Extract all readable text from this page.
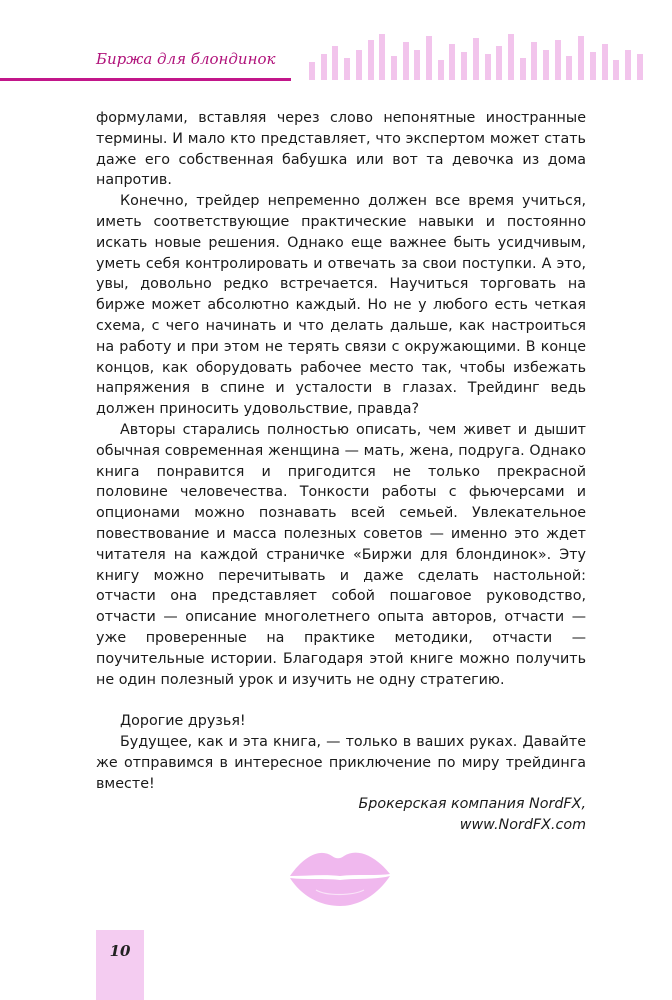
Биржа для блондинок

формулами, вставляя через слово непонятные иностранные термины. И мало кто представляет, что экспертом может стать даже его собственная бабушка или вот та девочка из дома напротив.

Конечно, трейдер непременно должен все время учиться, иметь соответствующие практические навыки и постоянно искать новые решения. Однако еще важнее быть усидчивым, уметь себя контролировать и отвечать за свои поступки. А это, увы, довольно редко встречается. Научиться торговать на бирже может абсолютно каждый. Но не у любого есть четкая схема, с чего начинать и что делать дальше, как настроиться на работу и при этом не терять связи с окружающими. В конце концов, как оборудовать рабочее место так, чтобы избежать напряжения в спине и усталости в глазах. Трейдинг ведь должен приносить удовольствие, правда?

Авторы старались полностью описать, чем живет и дышит обычная современная женщина — мать, жена, подруга. Однако книга понравится и пригодится не только прекрасной половине человечества. Тонкости работы с фьючерсами и опционами можно познавать всей семьей. Увлекательное повествование и масса полезных советов — именно это ждет читателя на каждой страничке «Биржи для блондинок». Эту книгу можно перечитывать и даже сделать настольной: отчасти она представляет собой пошаговое руководство, отчасти — описание многолетнего опыта авторов, отчасти — уже проверенные на практике методики, отчасти — поучительные истории. Благодаря этой книге можно получить не один полезный урок и изучить не одну стратегию.

Дорогие друзья!

Будущее, как и эта книга, — только в ваших руках. Давайте же отправимся в интересное приключение по миру трейдинга вместе!

Брокерская компания NordFX,

www.NordFX.com

10
